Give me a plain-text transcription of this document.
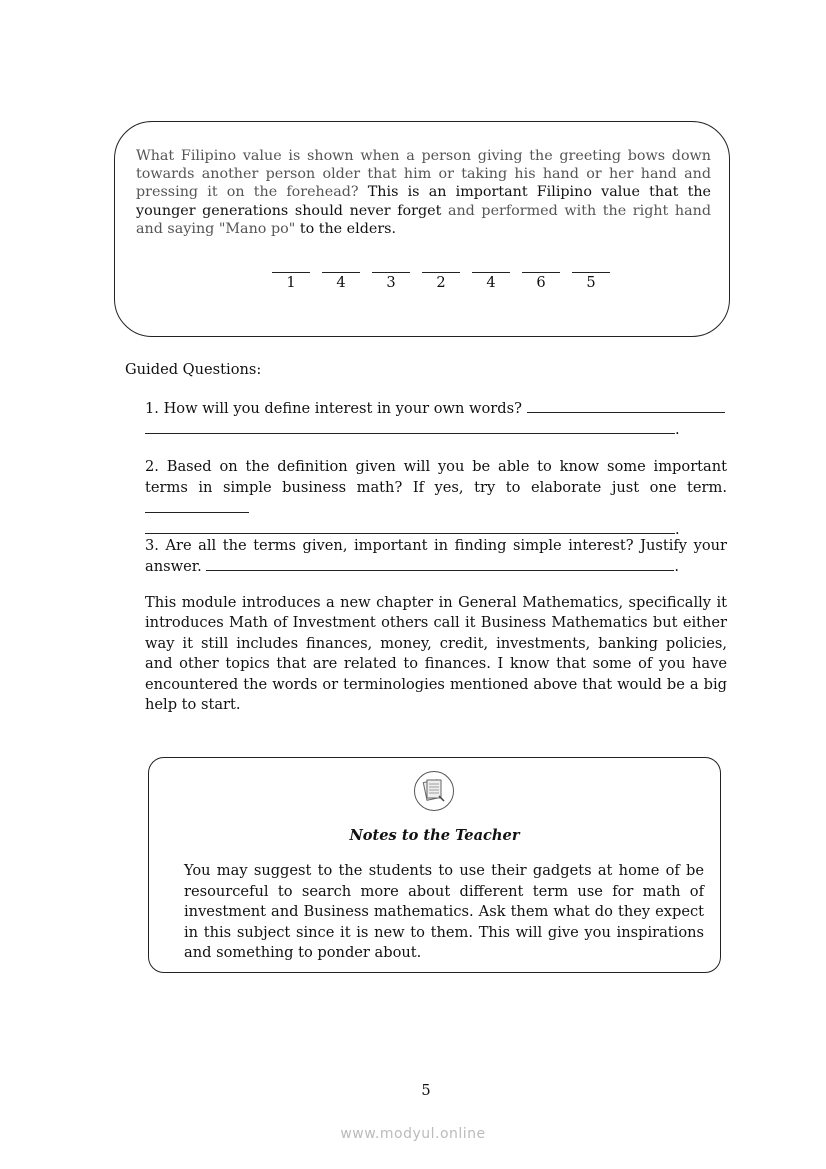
What Filipino value is shown when a person giving the greeting bows down towards another person older that him or taking his hand or her hand and pressing it on the forehead? This is an important Filipino value that the younger generations should never forget and performed with the right hand and saying "Mano po" to the elders.

1	4	3	2	4	6	5

Guided Questions:

1. How will you define interest in your own words?
.

2. Based on the definition given will you be able to know some important terms in simple business math? If yes, try to elaborate just one term.
.

3. Are all the terms given, important in finding simple interest? Justify your answer.	.

This module introduces a new chapter in General Mathematics, specifically it introduces Math of Investment others call it Business Mathematics but either way it still includes finances, money, credit, investments, banking policies, and other topics that are related to finances. I know that some of you have encountered the words or terminologies mentioned above that would be a big help to start.

Notes to the Teacher

You may suggest to the students to use their gadgets at home of be resourceful to search more about different term use for math of investment and Business mathematics. Ask them what do they expect in this subject since it is new to them. This will give you inspirations and something to ponder about.

5
www.modyul.online
